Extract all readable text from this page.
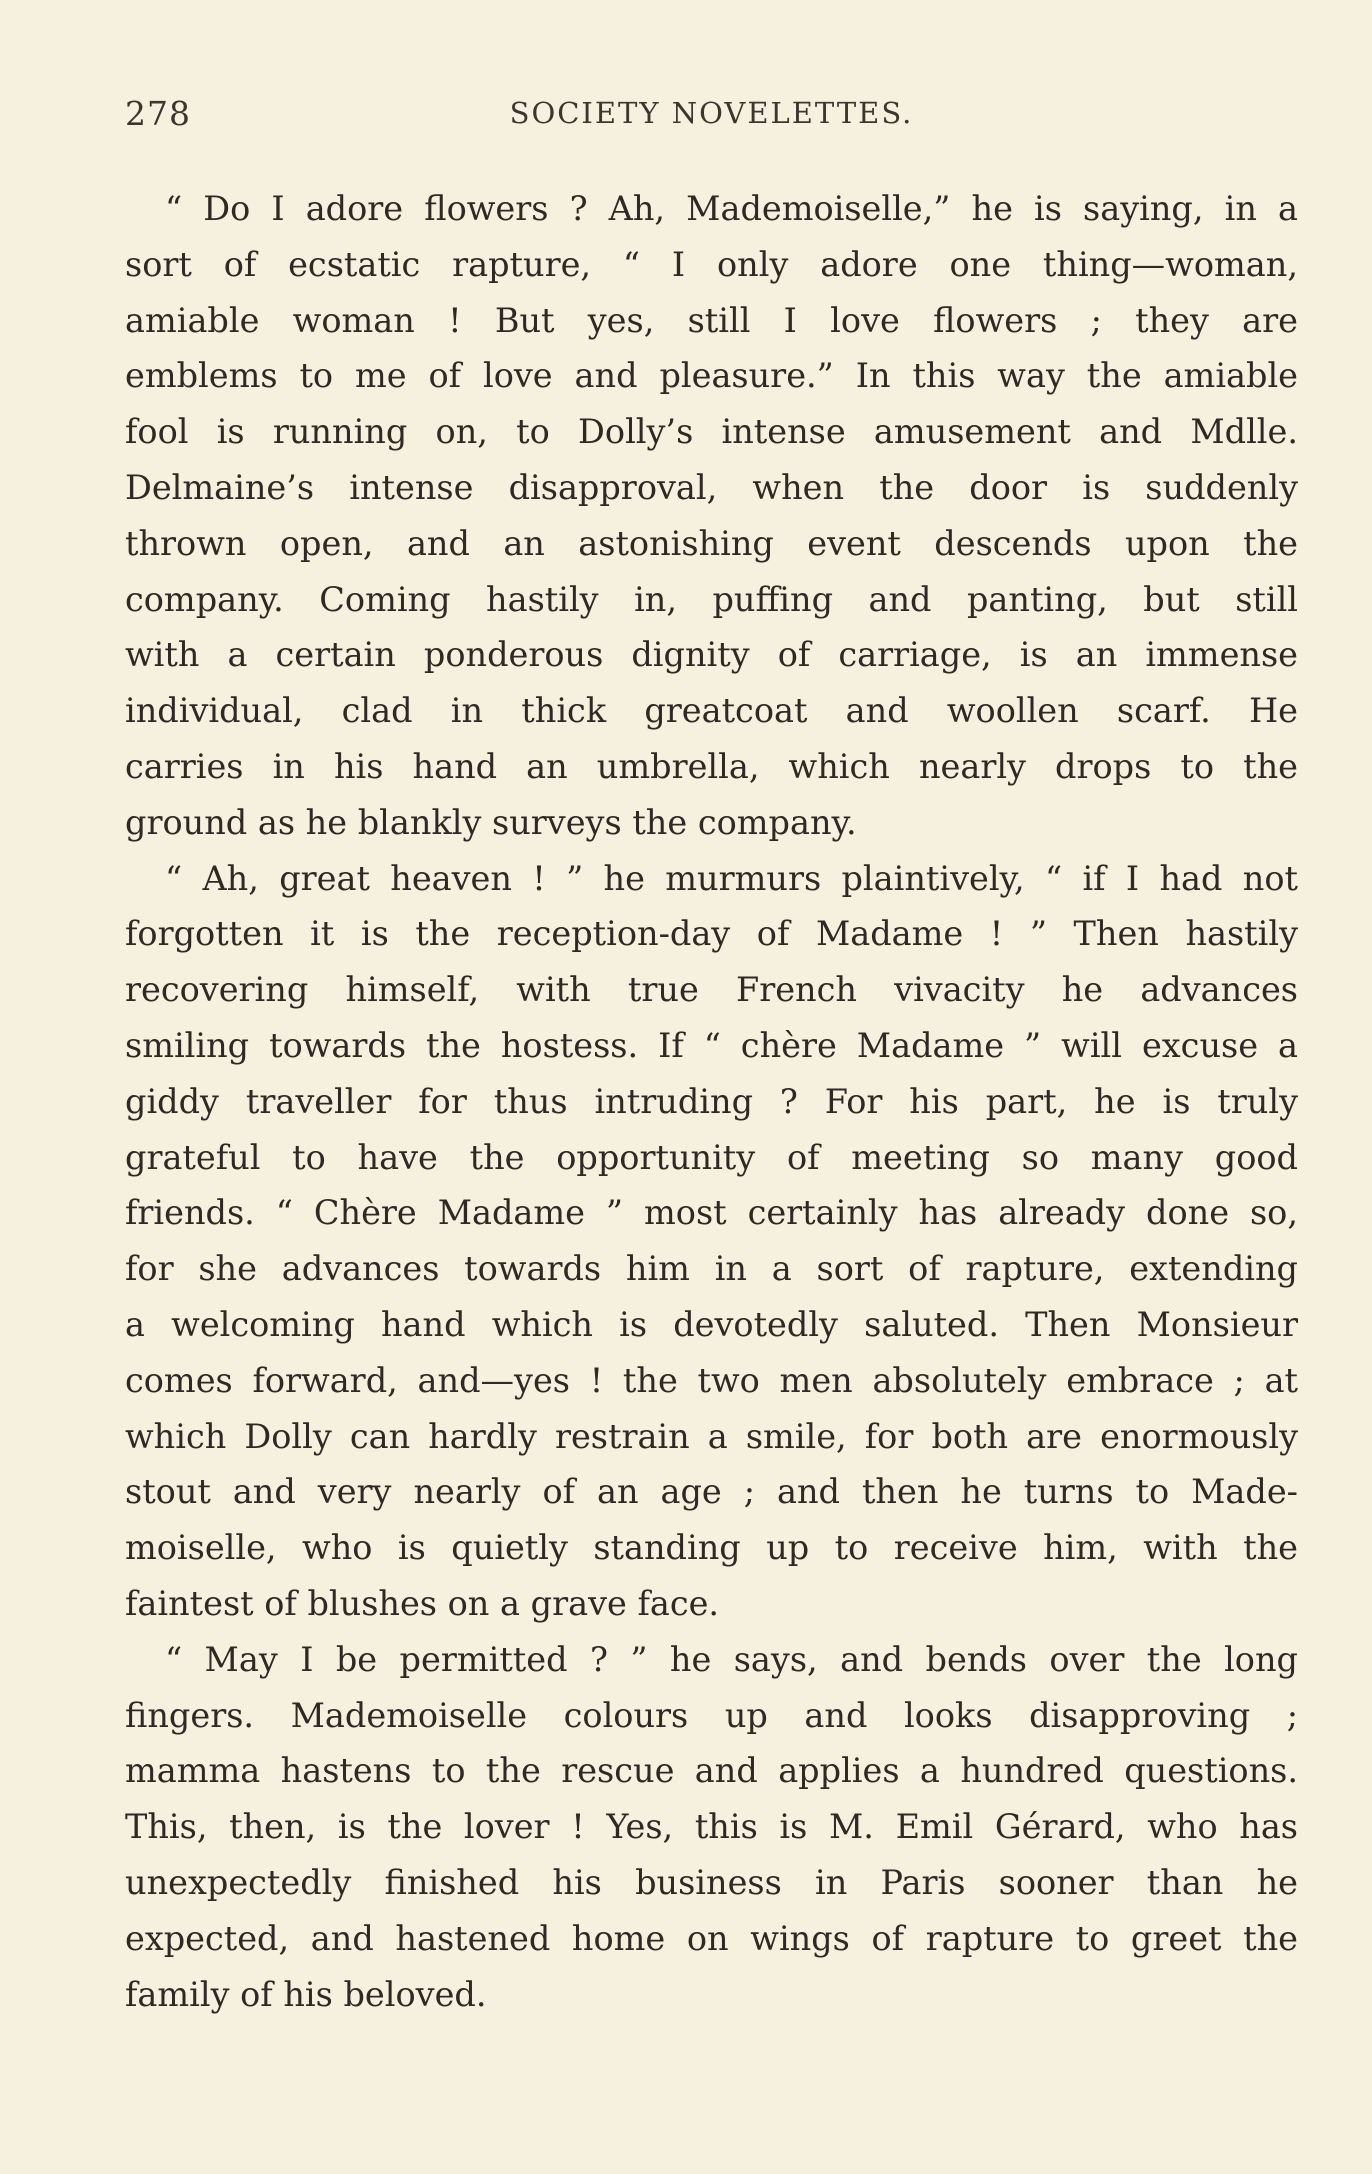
278	SOCIETY NOVELETTES.
“ Do I adore flowers ? Ah, Mademoiselle,” he is saying, in a
sort of ecstatic rapture, “ I only adore one thing—woman,
amiable woman ! But yes, still I love flowers ; they are
emblems to me of love and pleasure.” In this way the amiable
fool is running on, to Dolly’s intense amusement and Mdlle.
Delmaine’s intense disapproval, when the door is suddenly
thrown open, and an astonishing event descends upon the
company. Coming hastily in, puffing and panting, but still
with a certain ponderous dignity of carriage, is an immense
individual, clad in thick greatcoat and woollen scarf. He
carries in his hand an umbrella, which nearly drops to the
ground as he blankly surveys the company.
“ Ah, great heaven ! ” he murmurs plaintively, “ if I had not
forgotten it is the reception-day of Madame ! ” Then hastily
recovering himself, with true French vivacity he advances
smiling towards the hostess. If “ chère Madame ” will excuse a
giddy traveller for thus intruding ? For his part, he is truly
grateful to have the opportunity of meeting so many good
friends. “ Chère Madame ” most certainly has already done so,
for she advances towards him in a sort of rapture, extending
a welcoming hand which is devotedly saluted. Then Monsieur
comes forward, and—yes ! the two men absolutely embrace ; at
which Dolly can hardly restrain a smile, for both are enormously
stout and very nearly of an age ; and then he turns to Made-
moiselle, who is quietly standing up to receive him, with the
faintest of blushes on a grave face.
“ May I be permitted ? ” he says, and bends over the long
fingers. Mademoiselle colours up and looks disapproving ;
mamma hastens to the rescue and applies a hundred questions.
This, then, is the lover ! Yes, this is M. Emil Gérard, who has
unexpectedly finished his business in Paris sooner than he
expected, and hastened home on wings of rapture to greet the
family of his beloved.
